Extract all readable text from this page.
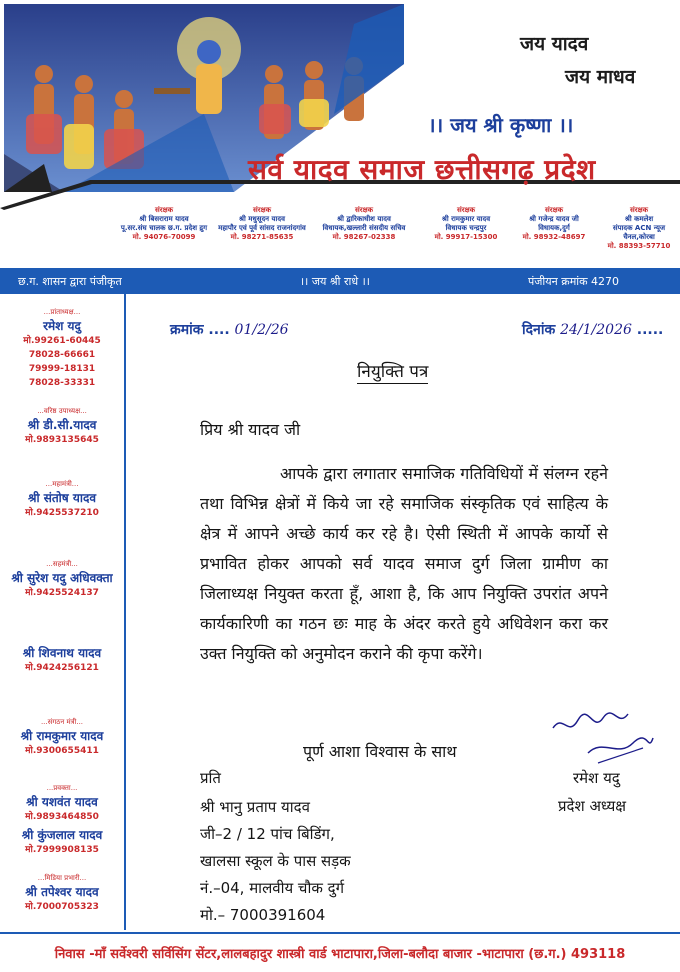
जय यादव
जय माधव
।। जय श्री कृष्णा ।।
सर्व यादव समाज छत्तीसगढ़ प्रदेश
संरक्षक
श्री बिसराराम यादव
पू.सर.संघ चालक छ.ग. प्रदेश द्रुग
मो. 94076-70099
संरक्षक
श्री मधुसूदन यादव
महापौर एवं पूर्व सांसद राजनांदगांव
मो. 98271-85635
संरक्षक
श्री द्वारिकाधीश यादव
विधायक,खल्लारी संसदीय सचिव
मो. 98267-02338
संरक्षक
श्री रामकुमार यादव
विधायक चन्द्रपुर
मो. 99917-15300
संरक्षक
श्री गजेन्द्र यादव जी
विधायक,दुर्ग
मो. 98932-48697
संरक्षक
श्री कमलेश
संपादक ACN न्यूज चैनल,कोरबा
मो. 88393-57710
छ.ग. शासन द्वारा पंजीकृत	।। जय श्री राधे ।।	पंजीयन क्रमांक 4270
...प्रांताध्यक्ष...
रमेश यदु
मो.99261-60445
78028-66661
79999-18131
78028-33331
...वरिष्ठ उपाध्यक्ष...
श्री डी.सी.यादव
मो.9893135645
...महामंत्री...
श्री संतोष यादव
मो.9425537210
...सहमंत्री...
श्री सुरेश यदु अधिवक्ता
मो.9425524137
श्री शिवनाथ यादव
मो.9424256121
...संगठन मंत्री...
श्री रामकुमार यादव
मो.9300655411
...प्रवक्ता...
श्री यशवंत यादव
मो.9893464850
श्री कुंजलाल यादव
मो.7999908135
...मिडिया प्रभारी...
श्री तपेश्वर यादव
मो.7000705323
क्रमांक .... 01/2/26	दिनांक 24/1/2026 .....
नियुक्ति पत्र
प्रिय श्री यादव जी
आपके द्वारा लगातार समाजिक गतिविधियों में संलग्न रहने तथा विभिन्न क्षेत्रों में किये जा रहे समाजिक संस्कृतिक एवं साहित्य के क्षेत्र में आपने अच्छे कार्य कर रहे है। ऐसी स्थिती में आपके कार्यो से प्रभावित होकर आपको सर्व यादव समाज दुर्ग जिला ग्रामीण का जिलाध्यक्ष नियुक्त करता हूँ, आशा है, कि आप नियुक्ति उपरांत अपने कार्यकारिणी का गठन छः माह के अंदर करते हुये अधिवेशन करा कर उक्त नियुक्ति को अनुमोदन कराने की कृपा करेंगे।
पूर्ण आशा विश्वास के साथ
रमेश यदु
प्रदेश अध्यक्ष
प्रति
श्री भानु प्रताप यादव
जी–2 / 12 पांच बिडिंग,
खालसा स्कूल के पास सड़क
नं.–04, मालवीय चौक दुर्ग
मो.– 7000391604
निवास -माँ सर्वेश्वरी सर्विसिंग सेंटर,लालबहादुर शास्त्री वार्ड भाटापारा,जिला-बलौदा बाजार -भाटापारा (छ.ग.) 493118
